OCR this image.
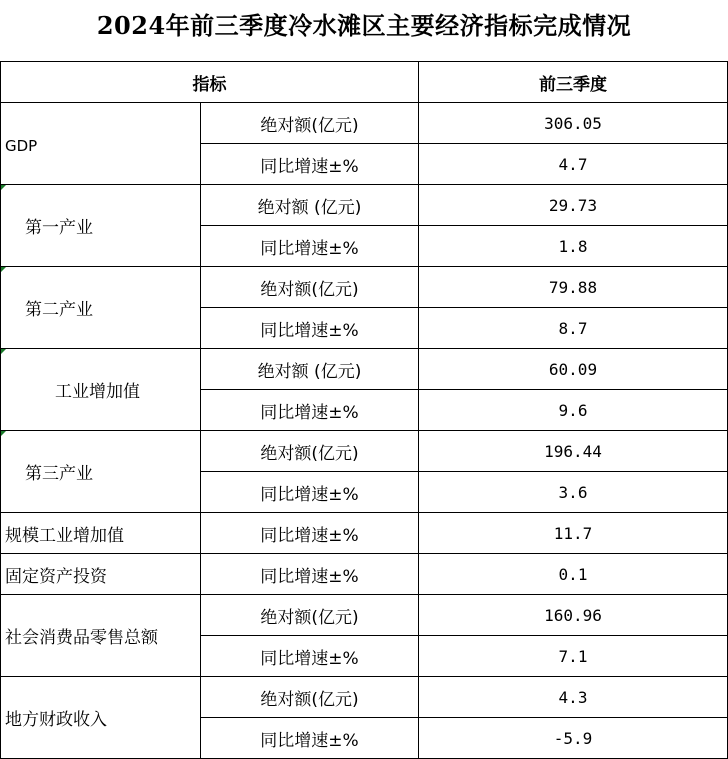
2024年前三季度冷水滩区主要经济指标完成情况
指标		前三季度
GDP	绝对额(亿元)	306.05
	同比增速±%	4.7

第一产业	绝对额 (亿元)	29.73
	同比增速±%	1.8

第二产业	绝对额(亿元)	79.88
	同比增速±%	8.7

工业增加值	绝对额 (亿元)	60.09
	同比增速±%	9.6

第三产业	绝对额(亿元)	196.44
	同比增速±%	3.6
规模工业增加值	同比增速±%	11.7
固定资产投资	同比增速±%	0.1
社会消费品零售总额	绝对额(亿元)	160.96
	同比增速±%	7.1
地方财政收入	绝对额(亿元)	4.3
	同比增速±%	-5.9
